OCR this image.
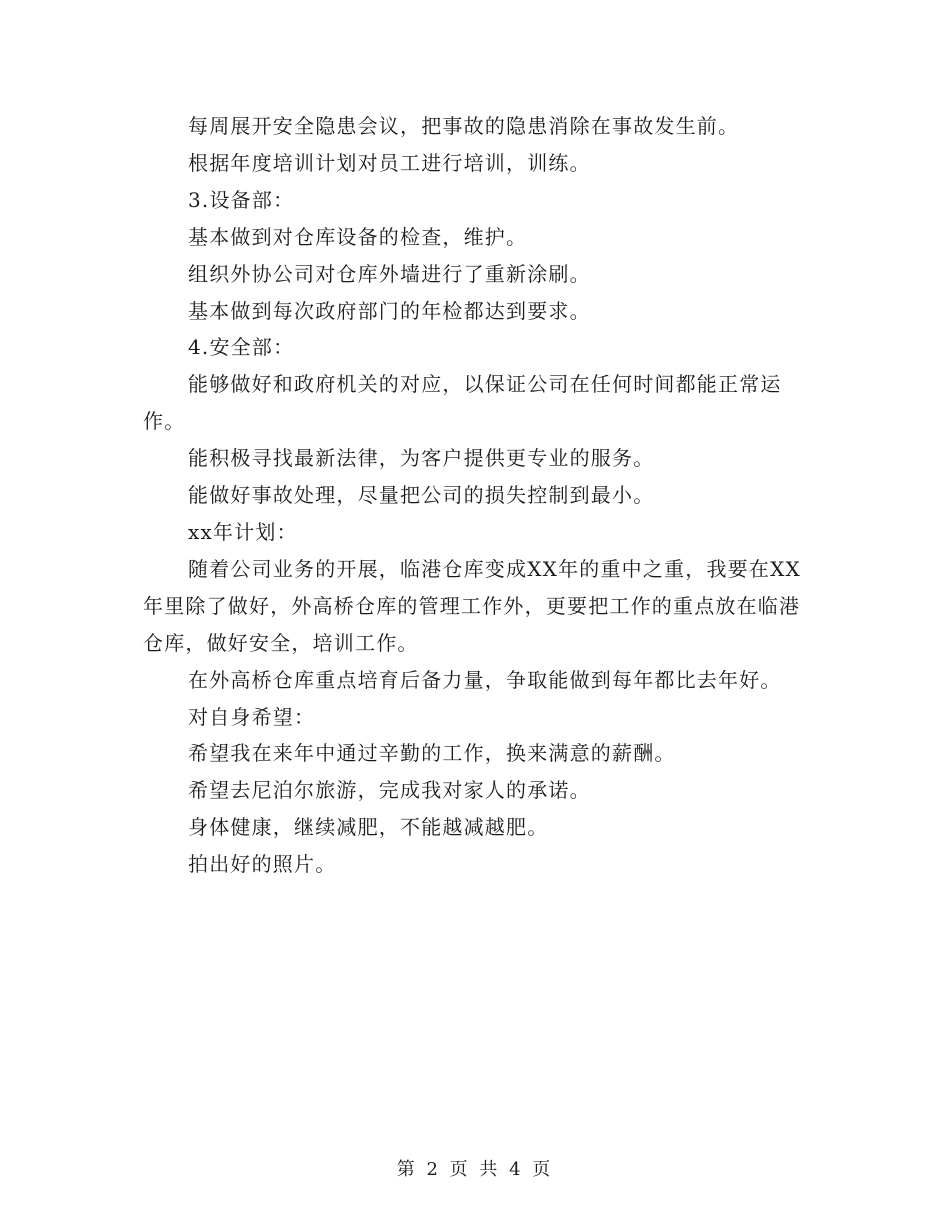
每周展开安全隐患会议，把事故的隐患消除在事故发生前。

根据年度培训计划对员工进行培训，训练。

3.设备部：

基本做到对仓库设备的检查，维护。

组织外协公司对仓库外墙进行了重新涂刷。

基本做到每次政府部门的年检都达到要求。

4.安全部：

能够做好和政府机关的对应，以保证公司在任何时间都能正常运作。

能积极寻找最新法律，为客户提供更专业的服务。

能做好事故处理，尽量把公司的损失控制到最小。

xx年计划：

随着公司业务的开展，临港仓库变成XX年的重中之重，我要在XX年里除了做好，外高桥仓库的管理工作外，更要把工作的重点放在临港仓库，做好安全，培训工作。

在外高桥仓库重点培育后备力量，争取能做到每年都比去年好。

对自身希望：

希望我在来年中通过辛勤的工作，换来满意的薪酬。

希望去尼泊尔旅游，完成我对家人的承诺。

身体健康，继续减肥，不能越减越肥。

拍出好的照片。

第 2 页 共 4 页
